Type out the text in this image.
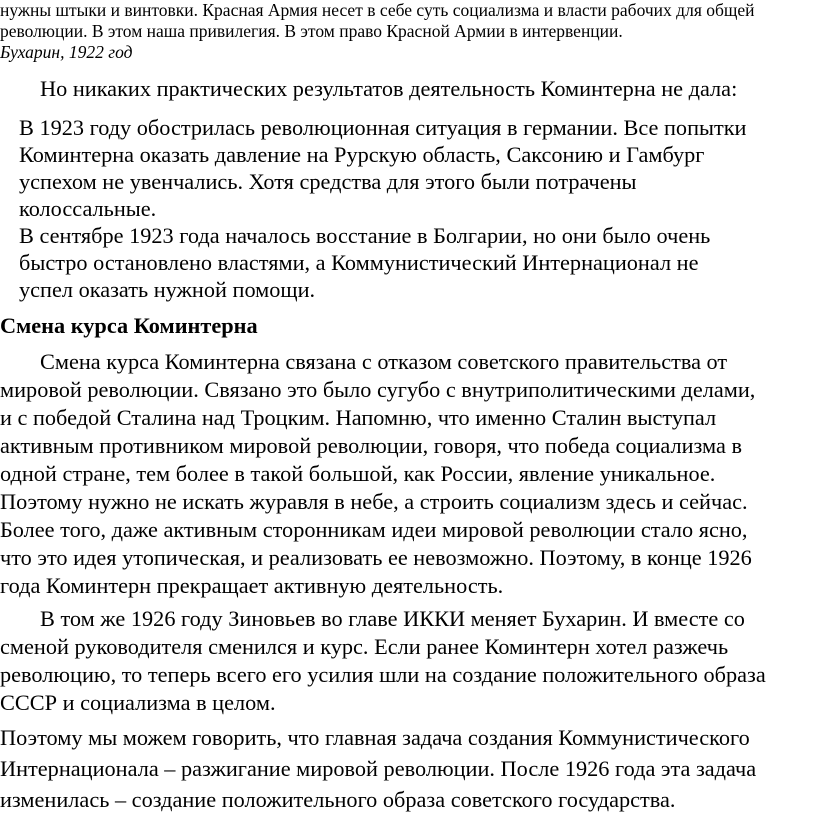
нужны штыки и винтовки. Красная Армия несет в себе суть социализма и власти рабочих для общей
революции. В этом наша привилегия. В этом право Красной Армии в интервенции.
Бухарин, 1922 год
Но никаких практических результатов деятельность Коминтерна не дала:
В 1923 году обострилась революционная ситуация в германии. Все попытки
Коминтерна оказать давление на Рурскую область, Саксонию и Гамбург
успехом не увенчались. Хотя средства для этого были потрачены
колоссальные.
В сентябре 1923 года началось восстание в Болгарии, но они было очень
быстро остановлено властями, а Коммунистический Интернационал не
успел оказать нужной помощи.
Смена курса Коминтерна
Смена курса Коминтерна связана с отказом советского правительства от
мировой революции. Связано это было сугубо с внутриполитическими делами,
и с победой Сталина над Троцким. Напомню, что именно Сталин выступал
активным противником мировой революции, говоря, что победа социализма в
одной стране, тем более в такой большой, как России, явление уникальное.
Поэтому нужно не искать журавля в небе, а строить социализм здесь и сейчас.
Более того, даже активным сторонникам идеи мировой революции стало ясно,
что это идея утопическая, и реализовать ее невозможно. Поэтому, в конце 1926
года Коминтерн прекращает активную деятельность.
В том же 1926 году Зиновьев во главе ИККИ меняет Бухарин. И вместе со
сменой руководителя сменился и курс. Если ранее Коминтерн хотел разжечь
революцию, то теперь всего его усилия шли на создание положительного образа
СССР и социализма в целом.
Поэтому мы можем говорить, что главная задача создания Коммунистического
Интернационала – разжигание мировой революции. После 1926 года эта задача
изменилась – создание положительного образа советского государства.
